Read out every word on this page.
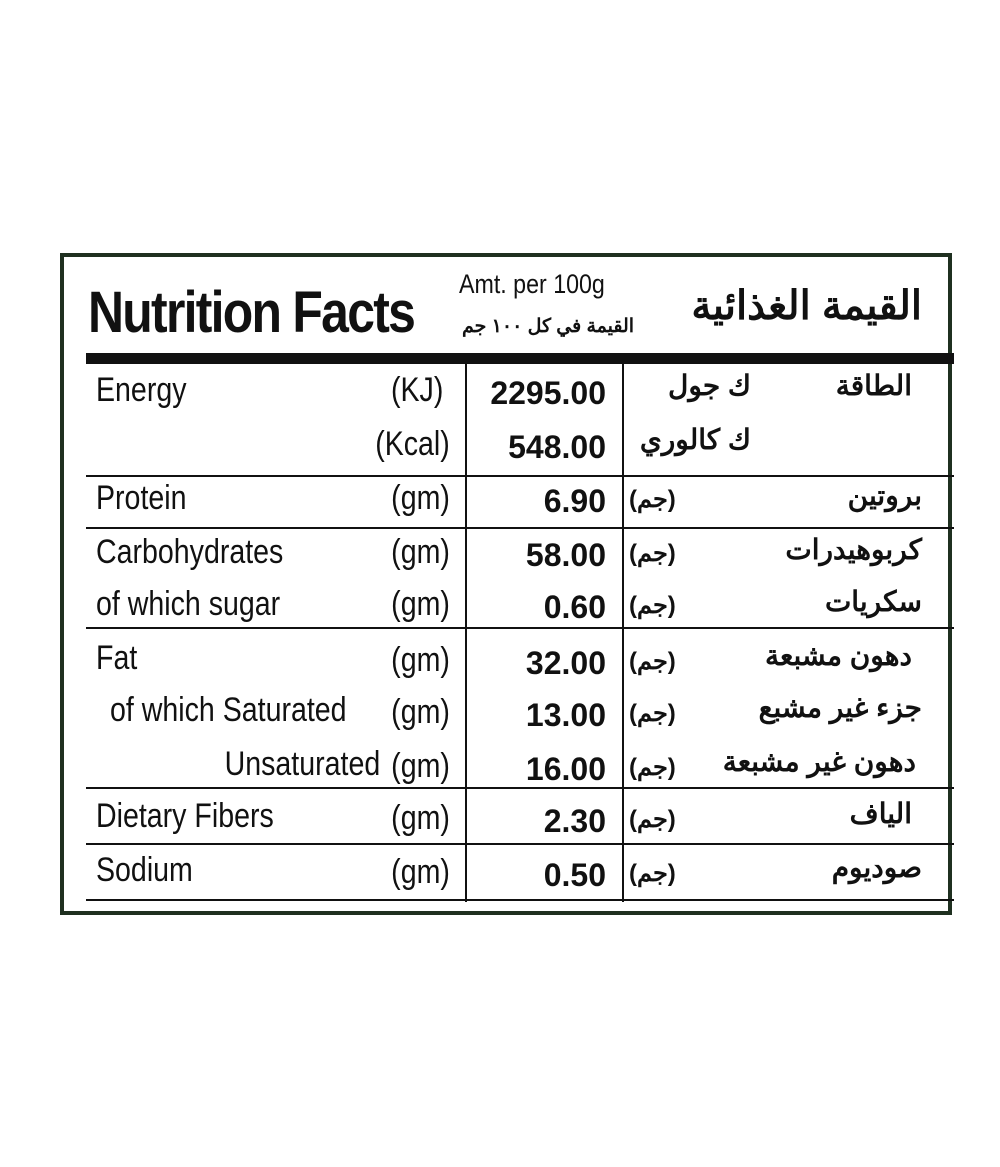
Nutrition Facts Amt. per 100g
القيمة في كل ١٠٠ جم القيمة الغذائية
Energy	(KJ)	2295.00 ك جول	الطاقة
(Kcal)	548.00 ك كالوري
Protein	(gm)	6.90 (جم)	بروتين
Carbohydrates	(gm)	58.00 (جم)	كربوهيدرات
of which sugar	(gm)	0.60 (جم)	سكريات
Fat	(gm)	32.00 (جم)	دهون مشبعة
of which Saturated (gm)	13.00 (جم)	جزء غير مشبع
Unsaturated (gm)	16.00 (جم) دهون غير مشبعة
Dietary Fibers	(gm)	2.30 (جم)	الياف
Sodium	(gm)	0.50 (جم)	صوديوم
